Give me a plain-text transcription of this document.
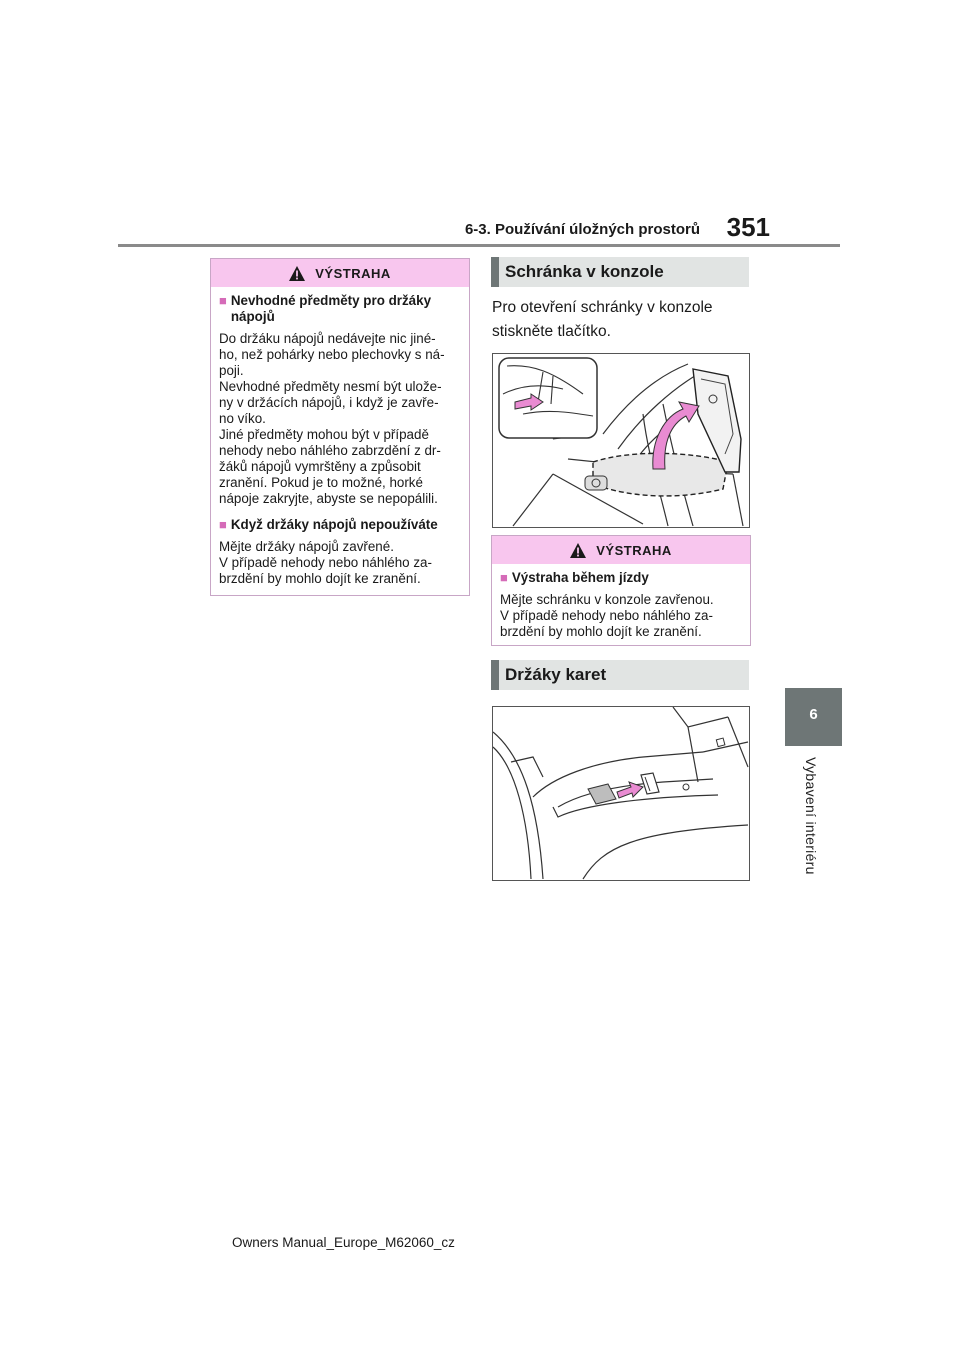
6-3. Používání úložných prostorů	351
6
Vybavení interiéru
VÝSTRAHA
■ Nevhodné předměty pro držáky nápojů
Do držáku nápojů nedávejte nic jiné-
ho, než pohárky nebo plechovky s ná-
poji.
Nevhodné předměty nesmí být ulože-
ny v držácích nápojů, i když je zavře-
no víko.
Jiné předměty mohou být v případě
nehody nebo náhlého zabrzdění z dr-
žáků nápojů vymrštěny a způsobit
zranění. Pokud je to možné, horké
nápoje zakryjte, abyste se nepopálili.
■ Když držáky nápojů nepoužíváte
Mějte držáky nápojů zavřené.
V případě nehody nebo náhlého za-
brzdění by mohlo dojít ke zranění.
Schránka v konzole
Pro otevření schránky v konzole
stiskněte tlačítko.
VÝSTRAHA
■ Výstraha během jízdy
Mějte schránku v konzole zavřenou.
V případě nehody nebo náhlého za-
brzdění by mohlo dojít ke zranění.
Držáky karet
Owners Manual_Europe_M62060_cz
